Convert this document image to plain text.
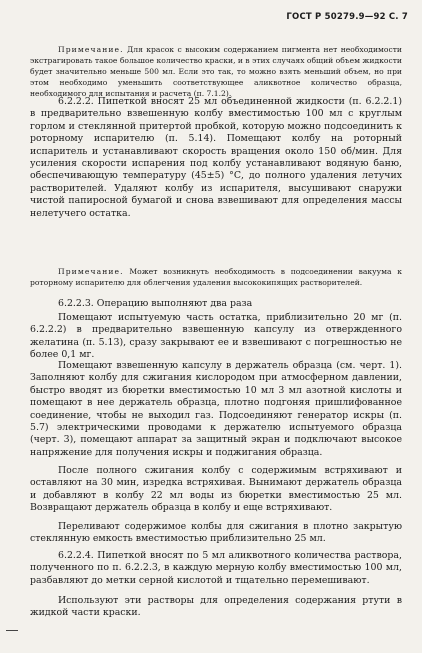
ГОСТ Р 50279.9—92 С. 7
Примечание. Для красок с высоким содержанием пигмента нет необходимости экстрагировать такое большое количество краски, и в этих случаях общий объем жидкости будет значительно меньше 500 мл. Если это так, то можно взять меньший объем, но при этом необходимо уменьшить соответствующее аликвотное количество образца, необходимого для испытания и расчета (п. 7.1.2).
6.2.2.2. Пипеткой вносят 25 мл объединенной жидкости (п. 6.2.2.1) в предварительно взвешенную колбу вместимостью 100 мл с круглым горлом и стеклянной притертой пробкой, которую можно подсоединить к роторному испарителю (п. 5.14). Помещают колбу на роторный испаритель и устанавливают скорость вращения около 150 об/мин. Для усиления скорости испарения под колбу устанавливают водяную баню, обеспечивающую температуру (45±5) °С, до полного удаления летучих растворителей. Удаляют колбу из испарителя, высушивают снаружи чистой папиросной бумагой и снова взвешивают для определения массы нелетучего остатка.
Примечание. Может возникнуть необходимость в подсоединении вакуума к роторному испарителю для облегчения удаления высококипящих растворителей.
6.2.2.3. Операцию выполняют два раза
Помещают испытуемую часть остатка, приблизительно 20 мг (п. 6.2.2.2) в предварительно взвешенную капсулу из отвержденного желатина (п. 5.13), сразу закрывают ее и взвешивают с погрешностью не более 0,1 мг.
Помещают взвешенную капсулу в держатель образца (см. черт. 1). Заполняют колбу для сжигания кислородом при атмосферном давлении, быстро вводят из бюретки вместимостью 10 мл 3 мл азотной кислоты и помещают в нее держатель образца, плотно подгоняя пришлифованное соединение, чтобы не выходил газ. Подсоединяют генератор искры (п. 5.7) электрическими проводами к держателю испытуемого образца (черт. 3), помещают аппарат за защитный экран и подключают высокое напряжение для получения искры и поджигания образца.
После полного сжигания колбу с содержимым встряхивают и оставляют на 30 мин, изредка встряхивая. Вынимают держатель образца и добавляют в колбу 22 мл воды из бюретки вместимостью 25 мл. Возвращают держатель образца в колбу и еще встряхивают.
Переливают содержимое колбы для сжигания в плотно закрытую стеклянную емкость вместимостью приблизительно 25 мл.
6.2.2.4. Пипеткой вносят по 5 мл аликвотного количества раствора, полученного по п. 6.2.2.3, в каждую мерную колбу вместимостью 100 мл, разбавляют до метки серной кислотой и тщательно перемешивают.
Используют эти растворы для определения содержания ртути в жидкой части краски.
